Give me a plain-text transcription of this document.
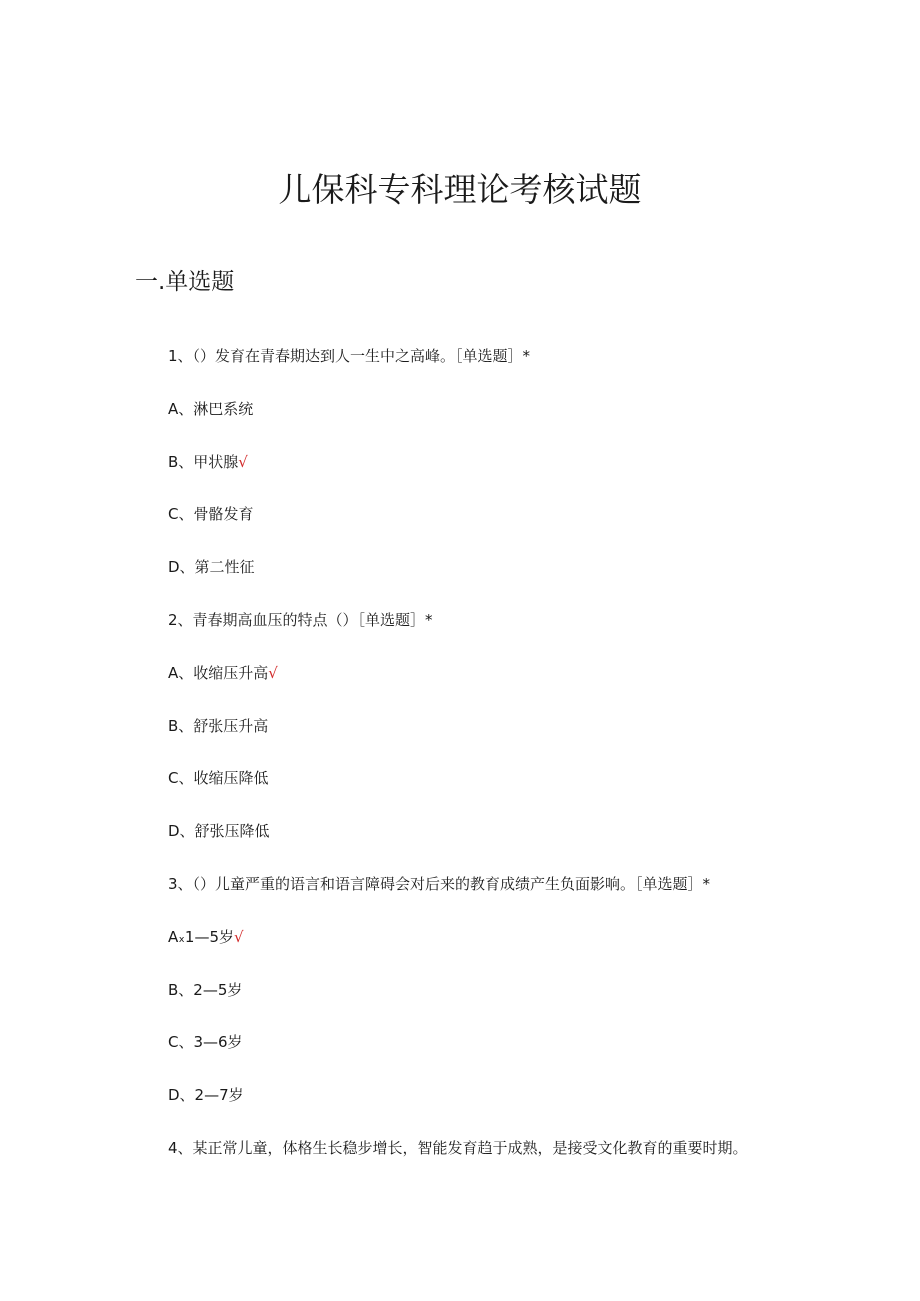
儿保科专科理论考核试题
一.单选题

1、（）发育在青春期达到人一生中之高峰。［单选题］*

A、淋巴系统

B、甲状腺√

C、骨骼发育

D、第二性征

2、青春期高血压的特点（）［单选题］*

A、收缩压升高√

B、舒张压升高

C、收缩压降低

D、舒张压降低

3、（）儿童严重的语言和语言障碍会对后来的教育成绩产生负面影响。［单选题］*

Aₓ1—5岁√

B、2—5岁

C、3—6岁

D、2—7岁

4、某正常儿童，体格生长稳步增长，智能发育趋于成熟，是接受文化教育的重要时期。
